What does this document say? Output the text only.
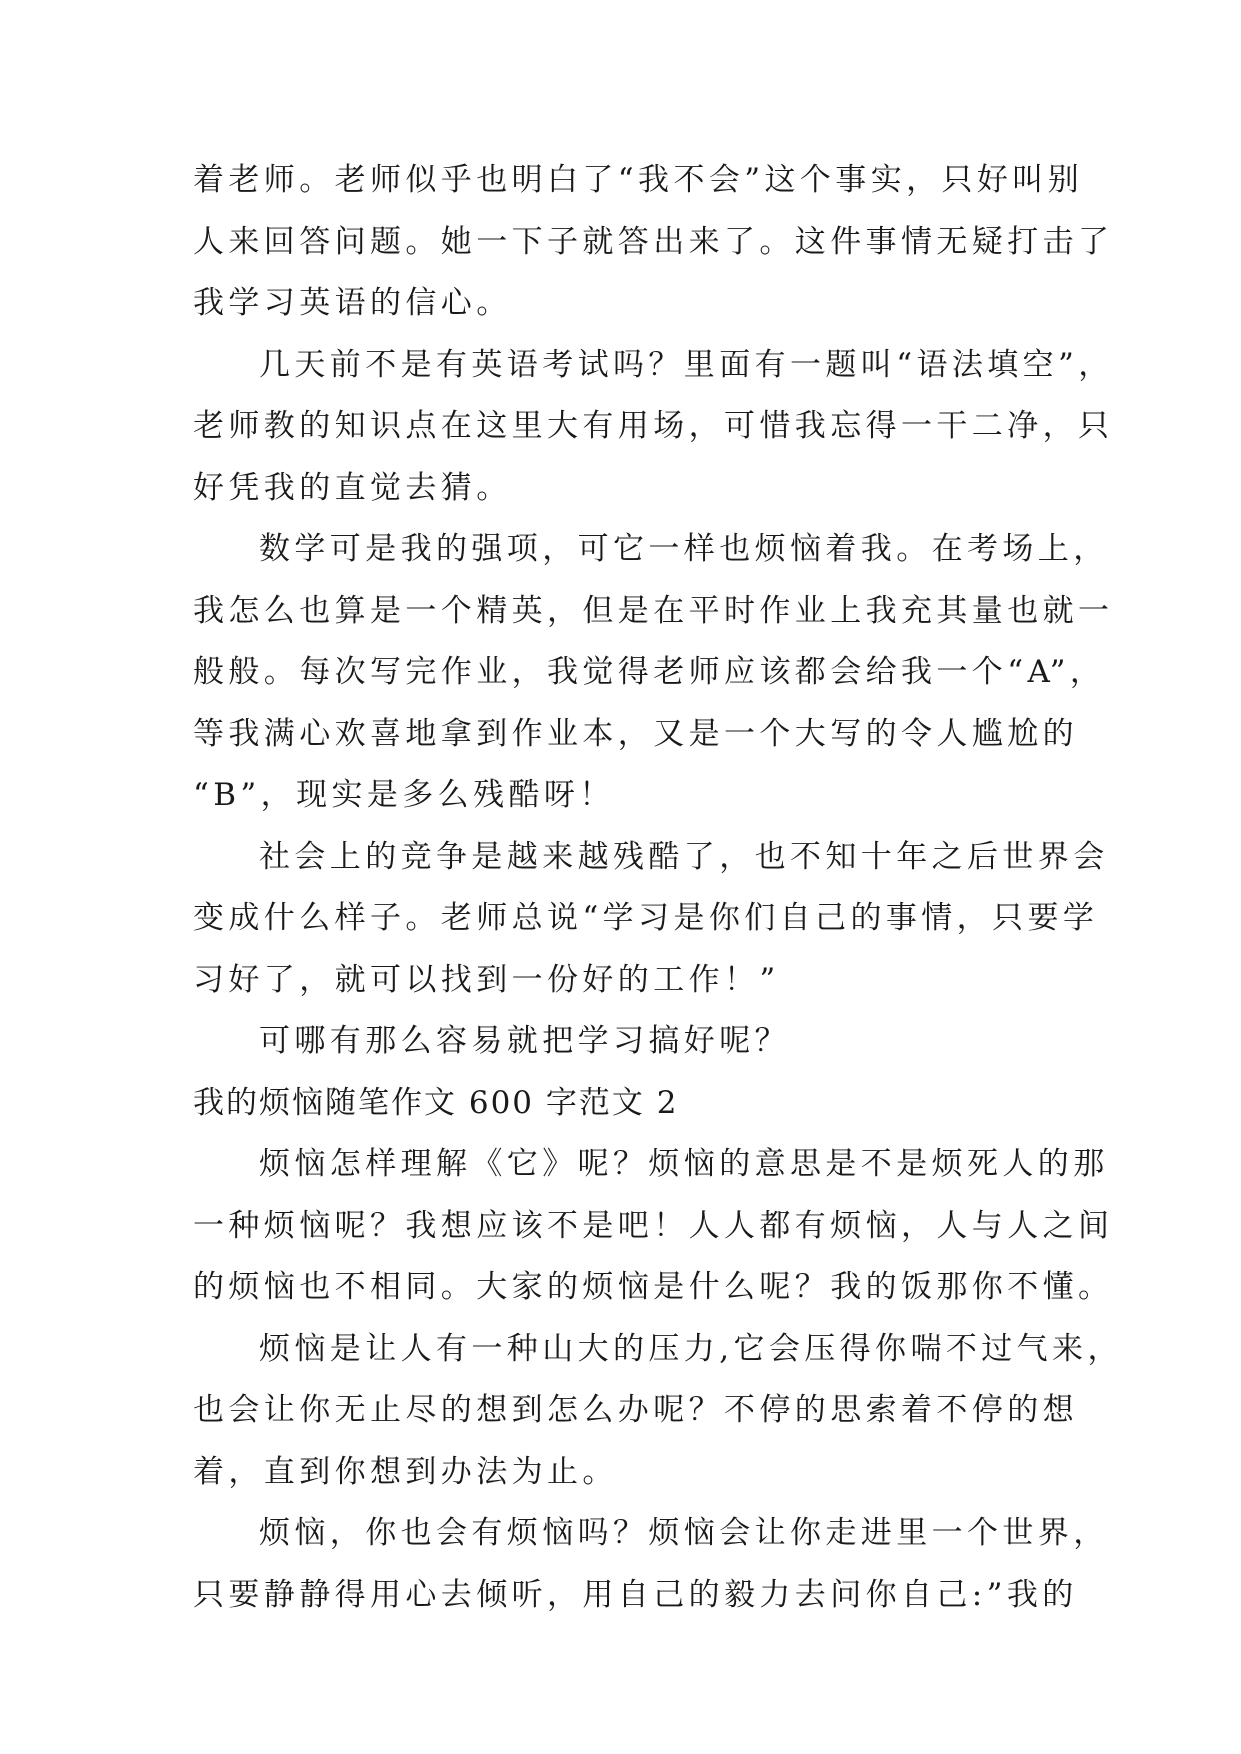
着老师。老师似乎也明白了“我不会”这个事实，只好叫别
人来回答问题。她一下子就答出来了。这件事情无疑打击了
我学习英语的信心。
几天前不是有英语考试吗？里面有一题叫“语法填空”，
老师教的知识点在这里大有用场，可惜我忘得一干二净，只
好凭我的直觉去猜。
数学可是我的强项，可它一样也烦恼着我。在考场上，
我怎么也算是一个精英，但是在平时作业上我充其量也就一
般般。每次写完作业，我觉得老师应该都会给我一个“A”，
等我满心欢喜地拿到作业本，又是一个大写的令人尴尬的
“B”，现实是多么残酷呀！
社会上的竞争是越来越残酷了，也不知十年之后世界会
变成什么样子。老师总说“学习是你们自己的事情，只要学
习好了，就可以找到一份好的工作！”
可哪有那么容易就把学习搞好呢？
我的烦恼随笔作文 600 字范文 2
烦恼怎样理解《它》呢？烦恼的意思是不是烦死人的那
一种烦恼呢？我想应该不是吧！人人都有烦恼，人与人之间
的烦恼也不相同。大家的烦恼是什么呢？我的饭那你不懂。
烦恼是让人有一种山大的压力,它会压得你喘不过气来，
也会让你无止尽的想到怎么办呢？不停的思索着不停的想
着，直到你想到办法为止。
烦恼，你也会有烦恼吗？烦恼会让你走进里一个世界，
只要静静得用心去倾听，用自己的毅力去问你自己:”我的
